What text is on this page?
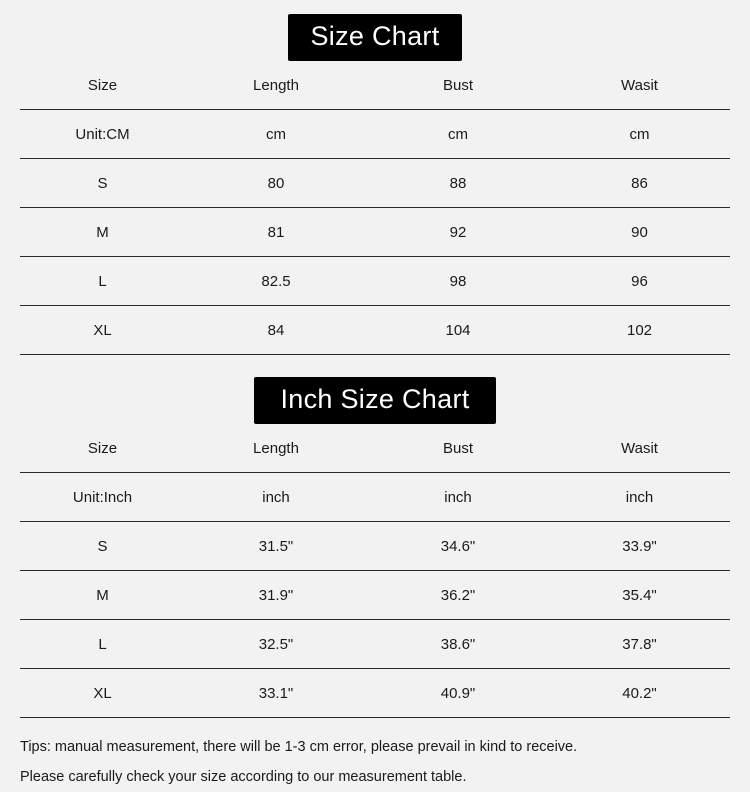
Size Chart
Size	Length	Bust	Wasit
Unit:CM	cm	cm	cm
S	80	88	86
M	81	92	90
L	82.5	98	96
XL	84	104	102
Inch Size Chart
Size	Length	Bust	Wasit
Unit:Inch	inch	inch	inch
S	31.5"	34.6"	33.9"
M	31.9"	36.2"	35.4"
L	32.5"	38.6"	37.8"
XL	33.1"	40.9"	40.2"

Tips: manual measurement, there will be 1-3 cm error, please prevail in kind to receive.

Please carefully check your size according to our measurement table.
